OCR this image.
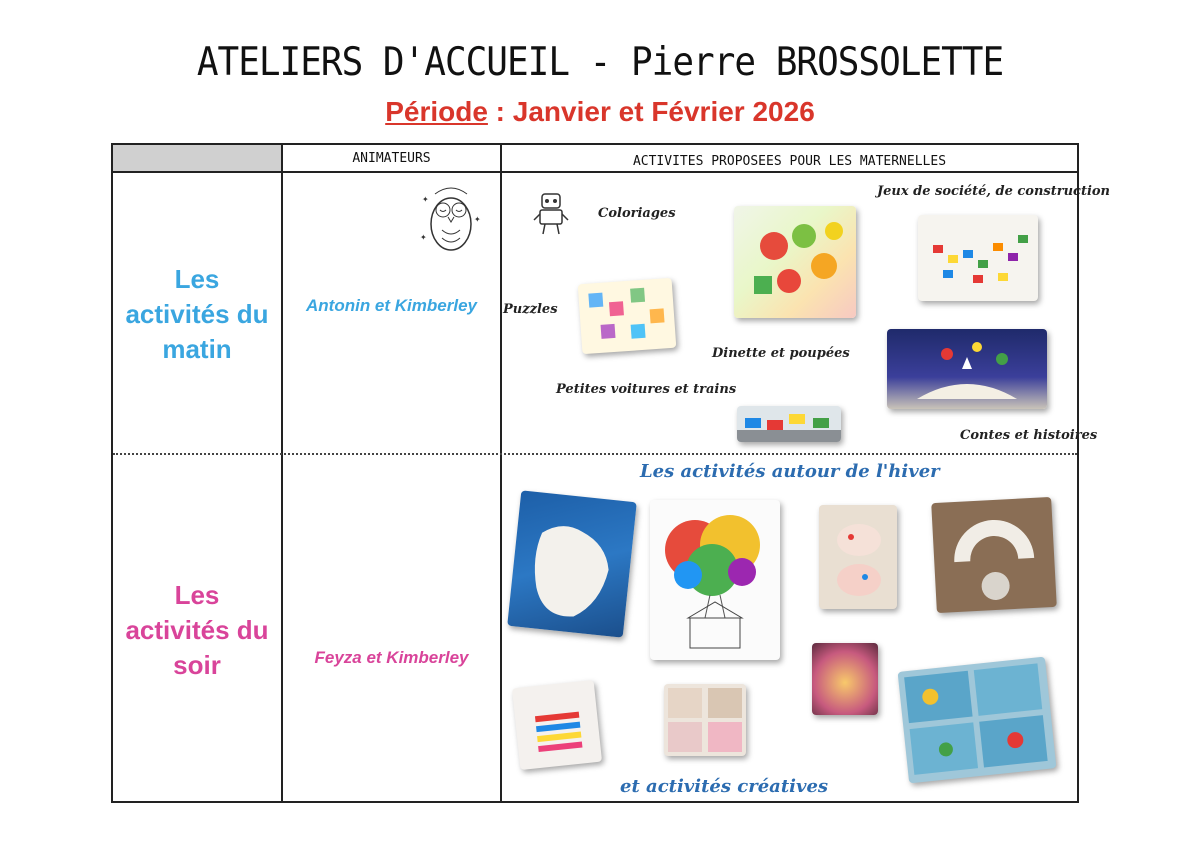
ATELIERS D'ACCUEIL - Pierre BROSSOLETTE
Période : Janvier et Février 2026
ANIMATEURS	ACTIVITES PROPOSEES POUR LES MATERNELLES
Les
activités du
matin
Les
activités du
soir
Antonin et Kimberley
Feyza et Kimberley
✦
✦
✦
Coloriages
Jeux de société, de construction
Puzzles
Dinette et poupées
Petites voitures et trains
Contes et histoires
Les activités autour de l'hiver
et activités créatives
